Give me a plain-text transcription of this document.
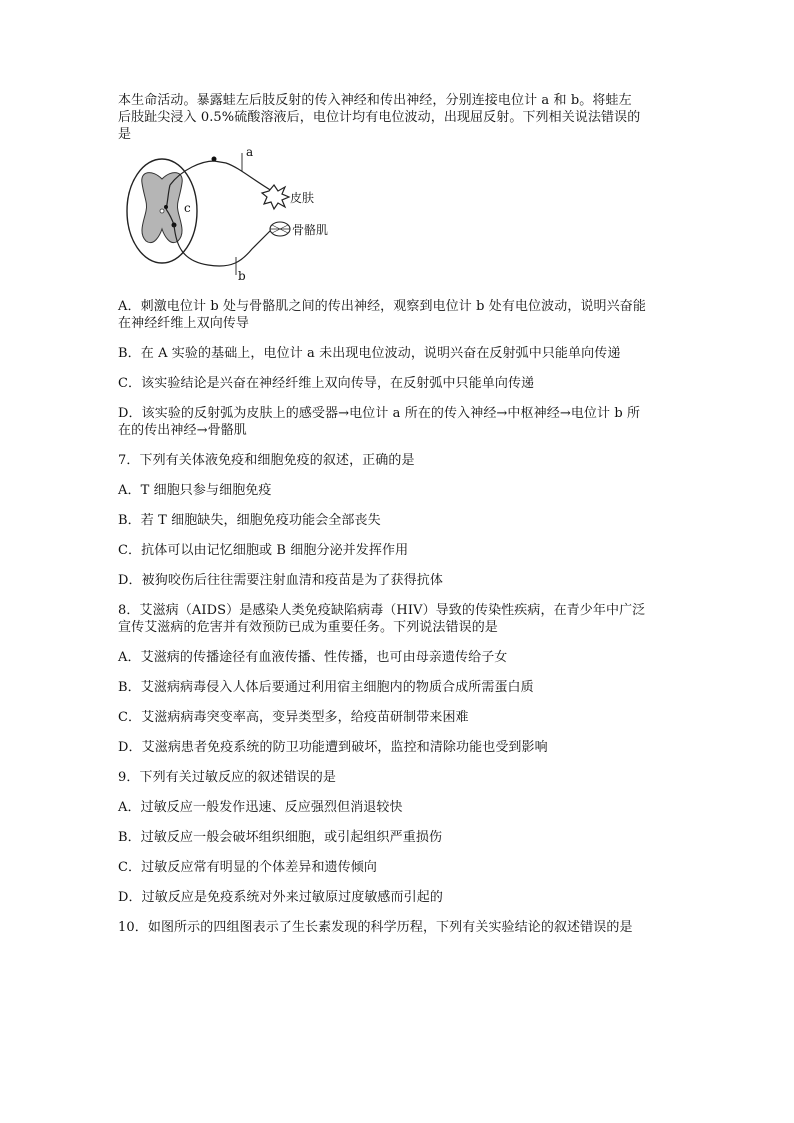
本生命活动。暴露蛙左后肢反射的传入神经和传出神经，分别连接电位计 a 和 b。将蛙左

后肢趾尖浸入 0.5%硫酸溶液后，电位计均有电位波动，出现屈反射。下列相关说法错误的

是

a
b
c
皮肤
骨骼肌

A．刺激电位计 b 处与骨骼肌之间的传出神经，观察到电位计 b 处有电位波动，说明兴奋能

在神经纤维上双向传导

B．在 A 实验的基础上，电位计 a 未出现电位波动，说明兴奋在反射弧中只能单向传递

C．该实验结论是兴奋在神经纤维上双向传导，在反射弧中只能单向传递

D．该实验的反射弧为皮肤上的感受器→电位计 a 所在的传入神经→中枢神经→电位计 b 所

在的传出神经→骨骼肌

7．下列有关体液免疫和细胞免疫的叙述，正确的是

A．T 细胞只参与细胞免疫

B．若 T 细胞缺失，细胞免疫功能会全部丧失

C．抗体可以由记忆细胞或 B 细胞分泌并发挥作用

D．被狗咬伤后往往需要注射血清和疫苗是为了获得抗体

8．艾滋病（AIDS）是感染人类免疫缺陷病毒（HIV）导致的传染性疾病，在青少年中广泛

宣传艾滋病的危害并有效预防已成为重要任务。下列说法错误的是

A．艾滋病的传播途径有血液传播、性传播，也可由母亲遗传给子女

B．艾滋病病毒侵入人体后要通过利用宿主细胞内的物质合成所需蛋白质

C．艾滋病病毒突变率高，变异类型多，给疫苗研制带来困难

D．艾滋病患者免疫系统的防卫功能遭到破坏，监控和清除功能也受到影响

9．下列有关过敏反应的叙述错误的是

A．过敏反应一般发作迅速、反应强烈但消退较快

B．过敏反应一般会破坏组织细胞，或引起组织严重损伤

C．过敏反应常有明显的个体差异和遗传倾向

D．过敏反应是免疫系统对外来过敏原过度敏感而引起的

10．如图所示的四组图表示了生长素发现的科学历程，下列有关实验结论的叙述错误的是
